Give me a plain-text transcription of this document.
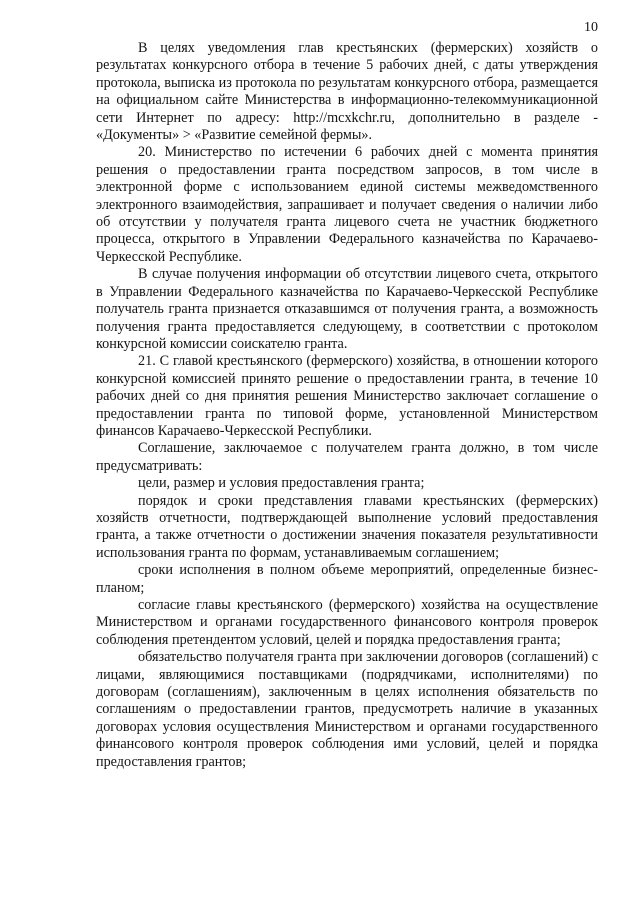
10

В целях уведомления глав крестьянских (фермерских) хозяйств о результатах конкурсного отбора в течение 5 рабочих дней, с даты утверждения протокола, выписка из протокола по результатам конкурсного отбора, размещается на официальном сайте Министерства в информационно-телекоммуникационной сети Интернет по адресу: http://mcxkchr.ru, дополнительно в разделе - «Документы» > «Развитие семейной фермы».

20. Министерство по истечении 6 рабочих дней с момента принятия решения о предоставлении гранта посредством запросов, в том числе в электронной форме с использованием единой системы межведомственного электронного взаимодействия, запрашивает и получает сведения о наличии либо об отсутствии у получателя гранта лицевого счета не участник бюджетного процесса, открытого в Управлении Федерального казначейства по Карачаево-Черкесской Республике.

В случае получения информации об отсутствии лицевого счета, открытого в Управлении Федерального казначейства по Карачаево-Черкесской Республике получатель гранта признается отказавшимся от получения гранта, а возможность получения гранта предоставляется следующему, в соответствии с протоколом конкурсной комиссии соискателю гранта.

21. С главой крестьянского (фермерского) хозяйства, в отношении которого конкурсной комиссией принято решение о предоставлении гранта, в течение 10 рабочих дней со дня принятия решения Министерство заключает соглашение о предоставлении гранта по типовой форме, установленной Министерством финансов Карачаево-Черкесской Республики.

Соглашение, заключаемое с получателем гранта должно, в том числе предусматривать:

цели, размер и условия предоставления гранта;

порядок и сроки представления главами крестьянских (фермерских) хозяйств отчетности, подтверждающей выполнение условий предоставления гранта, а также отчетности о достижении значения показателя результативности использования гранта по формам, устанавливаемым соглашением;

сроки исполнения в полном объеме мероприятий, определенные бизнес-планом;

согласие главы крестьянского (фермерского) хозяйства на осуществление Министерством и органами государственного финансового контроля проверок соблюдения претендентом условий, целей и порядка предоставления гранта;

обязательство получателя гранта при заключении договоров (соглашений) с лицами, являющимися поставщиками (подрядчиками, исполнителями) по договорам (соглашениям), заключенным в целях исполнения обязательств по соглашениям о предоставлении грантов, предусмотреть наличие в указанных договорах условия осуществления Министерством и органами государственного финансового контроля проверок соблюдения ими условий, целей и порядка предоставления грантов;
